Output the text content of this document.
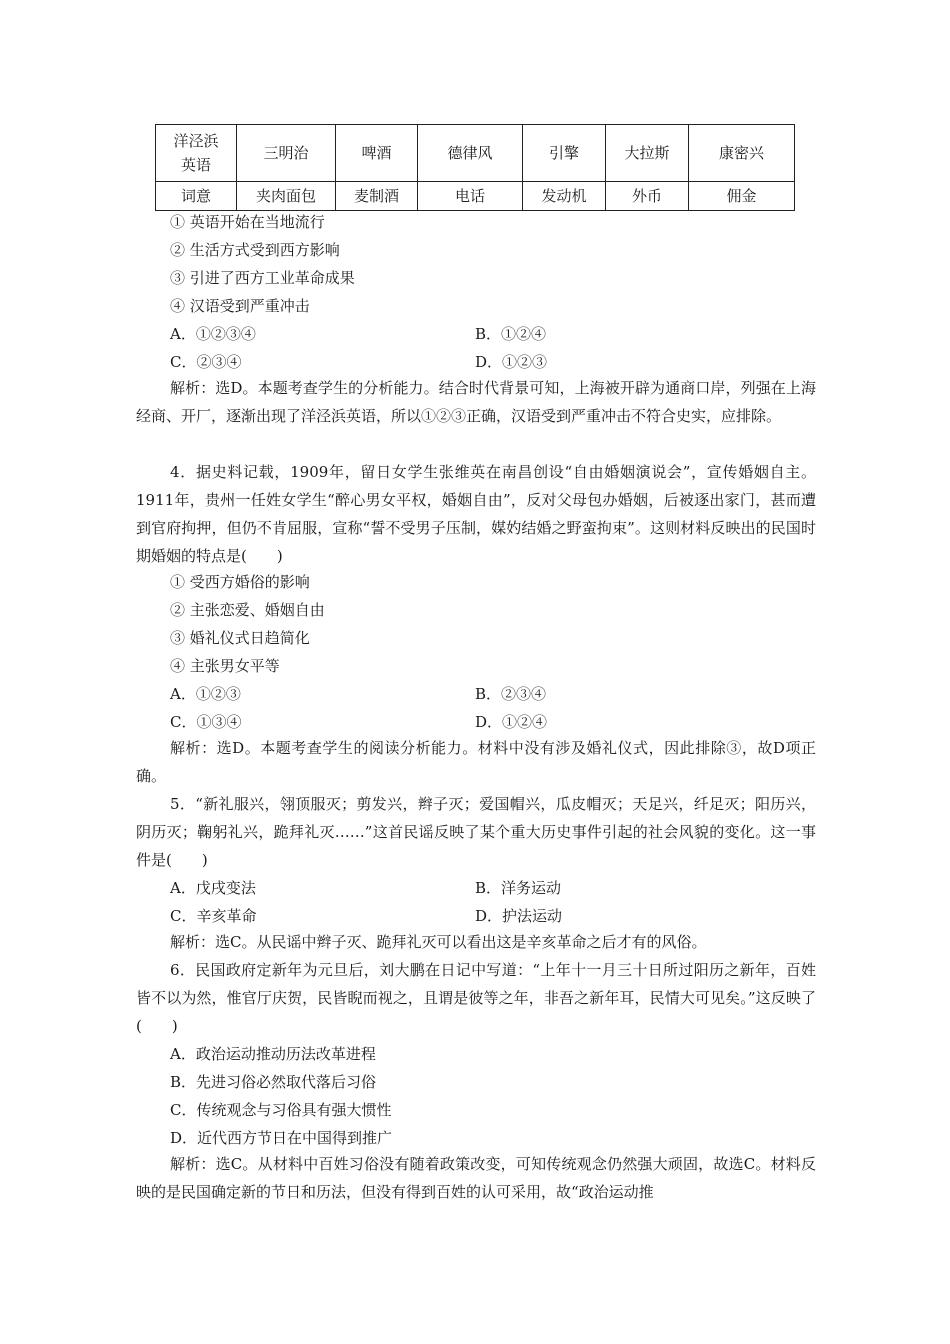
洋泾浜英语	三明治	啤酒	德律风	引擎	大拉斯	康密兴
词意	夹肉面包	麦制酒	电话	发动机	外币	佣金
① 英语开始在当地流行
② 生活方式受到西方影响
③ 引进了西方工业革命成果
④ 汉语受到严重冲击
A．①②③④	B．①②④
C．②③④	D．①②③
解析：选D。本题考查学生的分析能力。结合时代背景可知，上海被开辟为通商口岸，列强在上海经商、开厂，逐渐出现了洋泾浜英语，所以①②③正确，汉语受到严重冲击不符合史实，应排除。
4．据史料记载，1909年，留日女学生张维英在南昌创设“自由婚姻演说会”，宣传婚姻自主。1911年，贵州一任姓女学生“醉心男女平权，婚姻自由”，反对父母包办婚姻，后被逐出家门，甚而遭到官府拘押，但仍不肯屈服，宣称“誓不受男子压制，媒妁结婚之野蛮拘束”。这则材料反映出的民国时期婚姻的特点是(　　)
① 受西方婚俗的影响
② 主张恋爱、婚姻自由
③ 婚礼仪式日趋简化
④ 主张男女平等
A．①②③	B．②③④
C．①③④	D．①②④
解析：选D。本题考查学生的阅读分析能力。材料中没有涉及婚礼仪式，因此排除③，故D项正确。
5．“新礼服兴，翎顶服灭；剪发兴，辫子灭；爱国帽兴，瓜皮帽灭；天足兴，纤足灭；阳历兴，阴历灭；鞠躬礼兴，跪拜礼灭……”这首民谣反映了某个重大历史事件引起的社会风貌的变化。这一事件是(　　)
A．戊戌变法	B．洋务运动
C．辛亥革命	D．护法运动
解析：选C。从民谣中辫子灭、跪拜礼灭可以看出这是辛亥革命之后才有的风俗。
6．民国政府定新年为元旦后，刘大鹏在日记中写道：“上年十一月三十日所过阳历之新年，百姓皆不以为然，惟官厅庆贺，民皆睨而视之，且谓是彼等之年，非吾之新年耳，民情大可见矣。”这反映了(　　)
A．政治运动推动历法改革进程
B．先进习俗必然取代落后习俗
C．传统观念与习俗具有强大惯性
D．近代西方节日在中国得到推广
解析：选C。从材料中百姓习俗没有随着政策改变，可知传统观念仍然强大顽固，故选C。材料反映的是民国确定新的节日和历法，但没有得到百姓的认可采用，故“政治运动推
